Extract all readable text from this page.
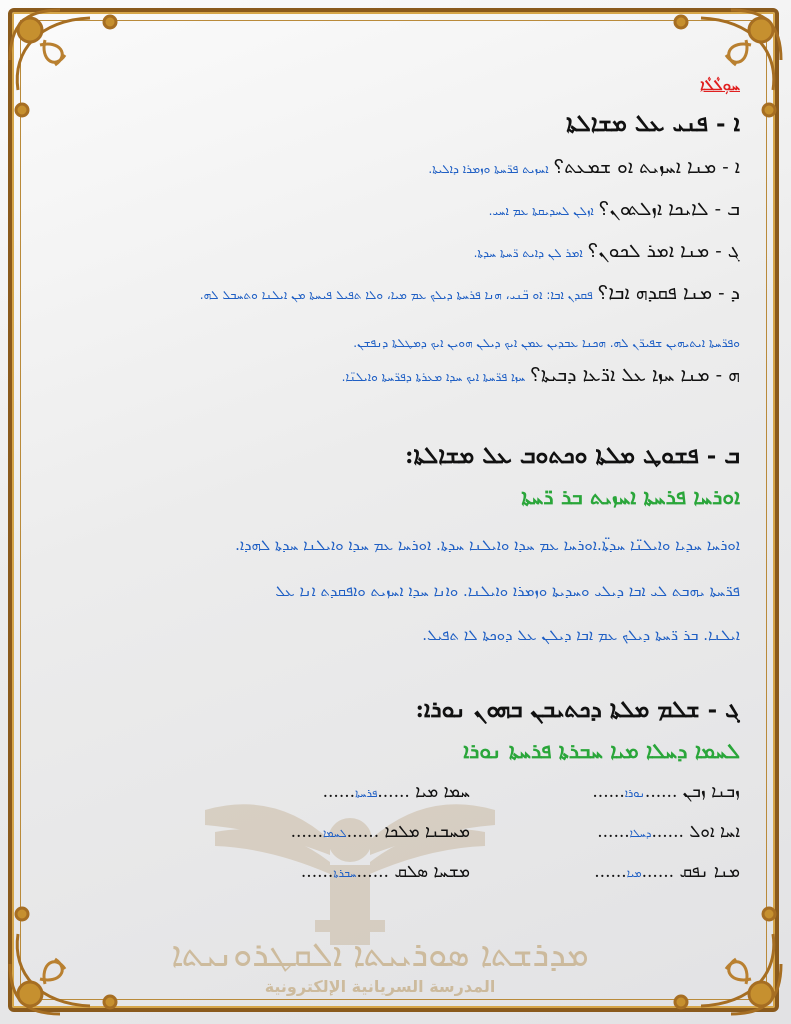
ܡܕܪܫܬܐ ܣܘܪܝܝܬܐ ܐܠܩܛܪܘܢܝܬܐ
المدرسة السريانية الإلكترونية
ܚܘܼܠܵܠܵܐ
ܐ - ܦܢܝ ܥܠ ܡܫܐܠܬܐ
ܐ - ܡܢܐ ܐܚܙܝܬ ܐܘ ܫܡܥܬ؟ ܐܚܙܝܬ ܦܪ̈ܚܬܐ ܘܙܡܪܐ ܕܐܠܝܬܐ.
ܒ - ܠܐܝܟܐ ܐܙܠܬܘܢ؟ ܐܙܠܢ ܠܚܕܝܩܬܐ ܥܡ ܐܚܝ.
ܓ - ܡܢܐ ܐܡܪ ܠܟܘܢ؟ ܐܡܪ ܠܢ ܕܐܝܬ ܪ̈ܚܬܐ ܚܕܬܐ.
ܕ - ܡܢܐ ܦܩܕܗ ܐܒܐ؟ ܦܩܕܢ ܐܒܐ: ܐܘ ܒ̈ܢܝ، ܗܢܐ ܦܪܚܬܐ ܕܝܠܟ ܥܡ ܡܝܐ، ܘܠܐ ܬܦܝܠ ܦܝܚܬܐ ܡܢ ܐܝܠܢܐ ܘܬܚܒܠ ܠܗ.
ܘܦܪ̈ܚܬܐ ܐܝܬܝܗܝܢ ܫܦܝܪ̈ܢ ܠܗ. ܗܟܢܐ ܥܒܕܝܢ ܥܡܢ ܐܝܟ ܕܝܠܢ ܗܘܝܢ ܐܝܟ ܕܡܛܠܬܐ ܕܢܦܫܢ.
ܗ - ܡܢܐ ܚܙܐ ܥܠ ܐܪ̈ܥܐ ܕܒܝܬܐ؟ ܚܙܐ ܦܪ̈ܚܬܐ ܐܝܟ ܚܕܐ ܡܥܪܬܐ ܕܦܪ̈ܚܬܐ ܘܐܝܠܢ̈ܐ.
ܒ - ܦܫܘܛ ܡܠܬܐ ܘܟܬܘܒ ܥܠ ܡܫܐܠܬܐ:
ܐܘܪܚܐ ܦܪܚܬܐ ܐܚܙܝܬ ܒܪ ܪ̈ܚܬܐ
ܐܘܪܚܐ ܚܕܝܐ ܘܐܝܠܢ̈ܐ ܚܕܬ̈ܐ.ܐܘܪܚܐ ܥܡ ܚܕܐ ܘܐܝܠܢܐ ܚܕܬܐ. ܐܘܪܚܐ ܥܡ ܚܕܐ ܘܐܝܠܢܐ ܚܕܬܐ ܠܗܕܐ.
ܦܪ̈ܚܬܐ ܝܗܒܬ ܠܝ ܐܒܐ ܕܝܠܝ ܘܚܕܝܬܐ ܘܙܡܪܐ ܘܐܝܠܢܐ. ܘܐܢܐ ܚܕܐ ܐܚܙܝܬ ܘܐܦܩܕܬ ܐܢܐ ܥܠ
ܐܝܠܢܐ. ܒܪ ܪ̈ܚܬܐ ܕܝܠܟ ܥܡ ܐܒܐ ܕܝܠܢ ܥܠ ܕܘܟܬܐ ܠܐ ܬܦܝܠ.
ܓ - ܫܠܡ ܡܠܬܐ ܕܟܬܝܒܢ ܒܗܘܢ ܢܘܪܐ:
ܠܚܡܐ ܕܚܠܐ ܡܝܐ ܚܒܪܬܐ ܦܪܚܬܐ ܢܘܪܐ
ܙܒܢܐ ܙܒܢ ......ܢܘܪܐ......
ܚܡܐ ܡܝܐ ......ܦܪܚܬܐ......
ܐܚܐ ܐܘܠ ......ܕܚܠܐ......
ܡܚܒܢܐ ܡܠܟܐ ......ܠܚܡܐ......
ܡܢܐ ܢܦܩ ......ܡܝܐ......
ܡܫܚܐ ܣܠܩ ......ܚܒܪܬܐ......
